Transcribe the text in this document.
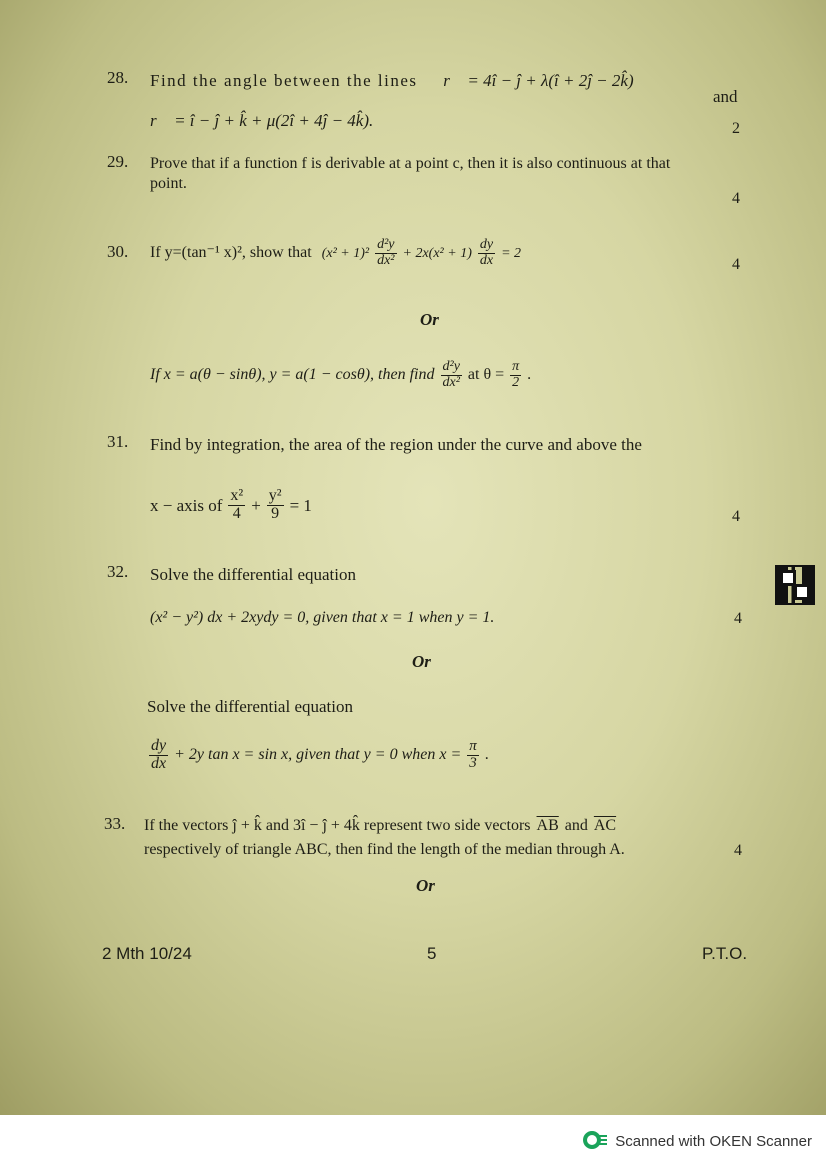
28. Find the angle between the lines r⃗ = 4î − ĵ + λ(î + 2ĵ − 2k̂)
and
r⃗ = î − ĵ + k̂ + μ(2î + 4ĵ − 4k̂).	2
29. Prove that if a function f is derivable at a point c, then it is also continuous at that
point.
4
30. If y=(tan⁻¹ x)², show that $(x^2 + 1)^2 \frac{\text{d²y}}{\text{dx²}} + 2x(x^2 + 1) \frac{dy}{dx} = 2$
4
Or
If x = a(θ − sinθ), y = a(1 − cosθ), then find $\frac{\text{d²y}}{\text{dx²}}$ at $\theta = \frac{\pi}{2}$ .
31. Find by integration, the area of the region under the curve and above the
x − axis of $\frac{\text{x²}}{4} + \frac{\text{y²}}{9} = 1$
4
32. Solve the differential equation
(x² − y²) dx + 2xydy = 0, given that x = 1 when y = 1.	4
Or
Solve the differential equation
$\frac{dy}{dx} + 2y$ tan x = sin x, given that y = 0 when $x = \frac{\pi}{3}$ .
33. If the vectors ĵ + k̂ and 3î − ĵ + 4k̂ represent two side vectors $\overline{AB}$ and $\overline{AC}$
respectively of triangle ABC, then find the length of the median through A.	4
Or
2 Mth 10/24	5	P.T.O.
Scanned with OKEN Scanner
